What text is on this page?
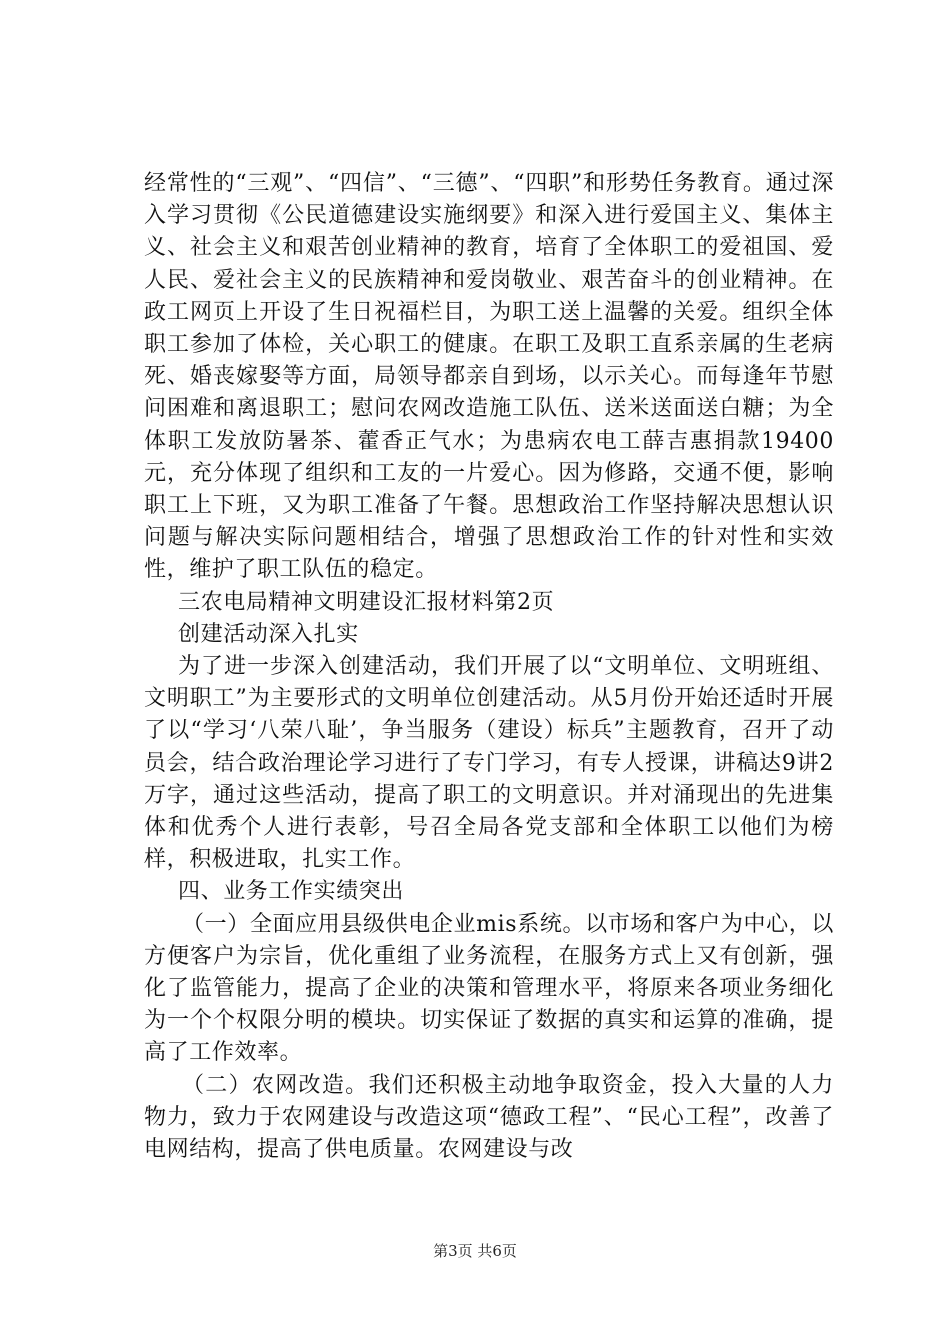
经常性的“三观”、“四信”、“三德”、“四职”和形势任务教育。通过深入学习贯彻《公民道德建设实施纲要》和深入进行爱国主义、集体主义、社会主义和艰苦创业精神的教育，培育了全体职工的爱祖国、爱人民、爱社会主义的民族精神和爱岗敬业、艰苦奋斗的创业精神。在政工网页上开设了生日祝福栏目，为职工送上温馨的关爱。组织全体职工参加了体检，关心职工的健康。在职工及职工直系亲属的生老病死、婚丧嫁娶等方面，局领导都亲自到场，以示关心。而每逢年节慰问困难和离退职工；慰问农网改造施工队伍、送米送面送白糖；为全体职工发放防暑茶、藿香正气水；为患病农电工薛吉惠捐款19400元，充分体现了组织和工友的一片爱心。因为修路，交通不便，影响职工上下班，又为职工准备了午餐。思想政治工作坚持解决思想认识问题与解决实际问题相结合，增强了思想政治工作的针对性和实效性，维护了职工队伍的稳定。

三农电局精神文明建设汇报材料第2页

创建活动深入扎实

为了进一步深入创建活动，我们开展了以“文明单位、文明班组、文明职工”为主要形式的文明单位创建活动。从5月份开始还适时开展了以“学习‘八荣八耻’，争当服务（建设）标兵”主题教育，召开了动员会，结合政治理论学习进行了专门学习，有专人授课，讲稿达9讲2万字，通过这些活动，提高了职工的文明意识。并对涌现出的先进集体和优秀个人进行表彰，号召全局各党支部和全体职工以他们为榜样，积极进取，扎实工作。

四、业务工作实绩突出

（一）全面应用县级供电企业mis系统。以市场和客户为中心，以方便客户为宗旨，优化重组了业务流程，在服务方式上又有创新，强化了监管能力，提高了企业的决策和管理水平，将原来各项业务细化为一个个权限分明的模块。切实保证了数据的真实和运算的准确，提高了工作效率。

（二）农网改造。我们还积极主动地争取资金，投入大量的人力物力，致力于农网建设与改造这项“德政工程”、“民心工程”，改善了电网结构，提高了供电质量。农网建设与改

第3页 共6页
